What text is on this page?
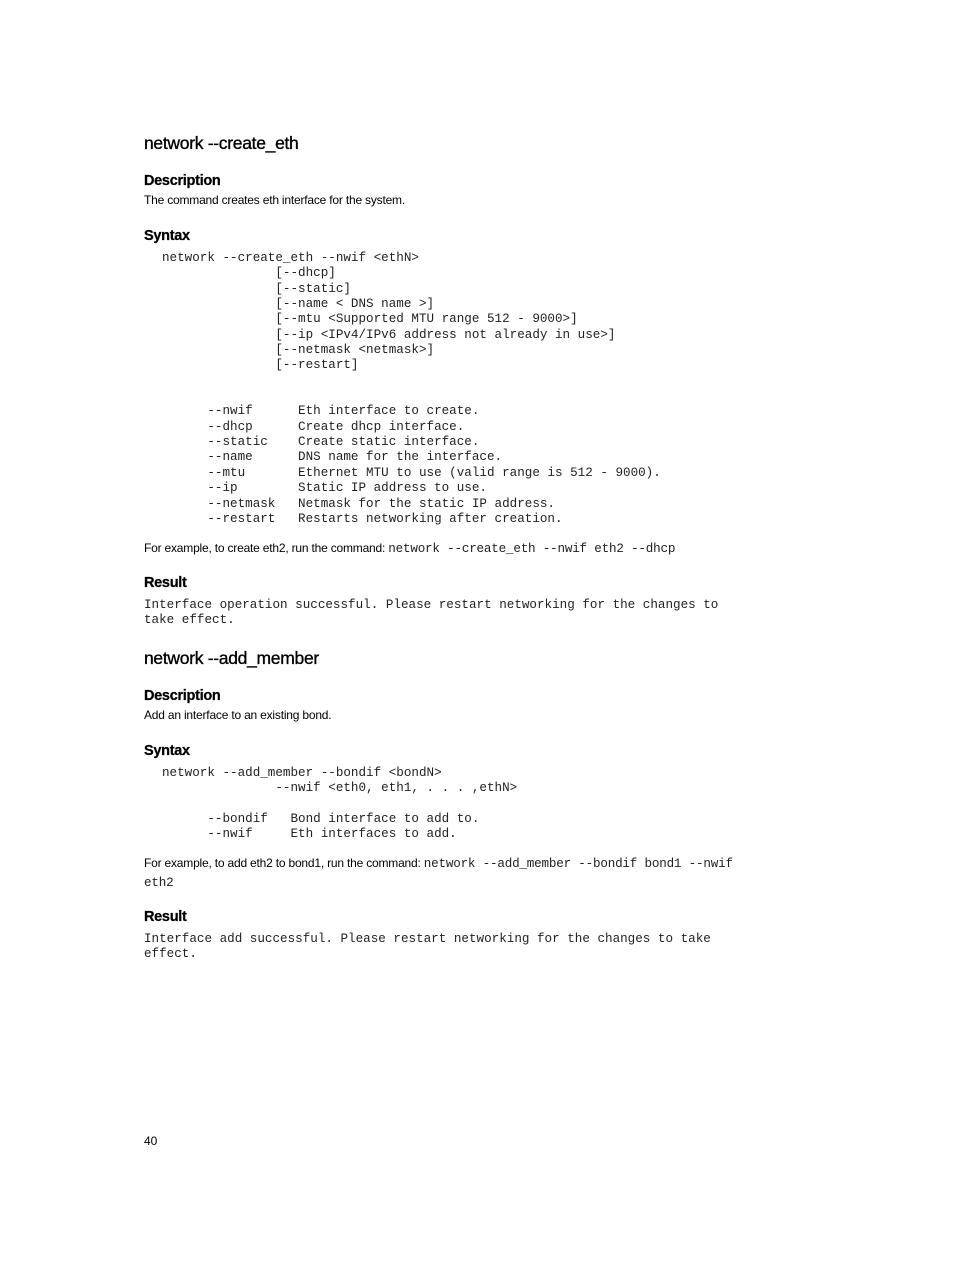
network --create_eth
Description

The command creates eth interface for the system.

Syntax
network --create_eth --nwif <ethN>
[--dhcp]
[--static]
[--name < DNS name >]
[--mtu <Supported MTU range 512 - 9000>]
[--ip <IPv4/IPv6 address not already in use>]
[--netmask <netmask>]
[--restart]

--nwif      Eth interface to create.
--dhcp      Create dhcp interface.
--static    Create static interface.
--name      DNS name for the interface.
--mtu       Ethernet MTU to use (valid range is 512 - 9000).
--ip        Static IP address to use.
--netmask   Netmask for the static IP address.
--restart   Restarts networking after creation.

For example, to create eth2, run the command: network --create_eth --nwif eth2 --dhcp

Result
Interface operation successful. Please restart networking for the changes to
take effect.
network --add_member
Description

Add an interface to an existing bond.

Syntax
network --add_member --bondif <bondN>
--nwif <eth0, eth1, . . . ,ethN>

--bondif   Bond interface to add to.
--nwif     Eth interfaces to add.

For example, to add eth2 to bond1, run the command: network --add_member --bondif bond1 --nwif
eth2

Result
Interface add successful. Please restart networking for the changes to take
effect.

40
